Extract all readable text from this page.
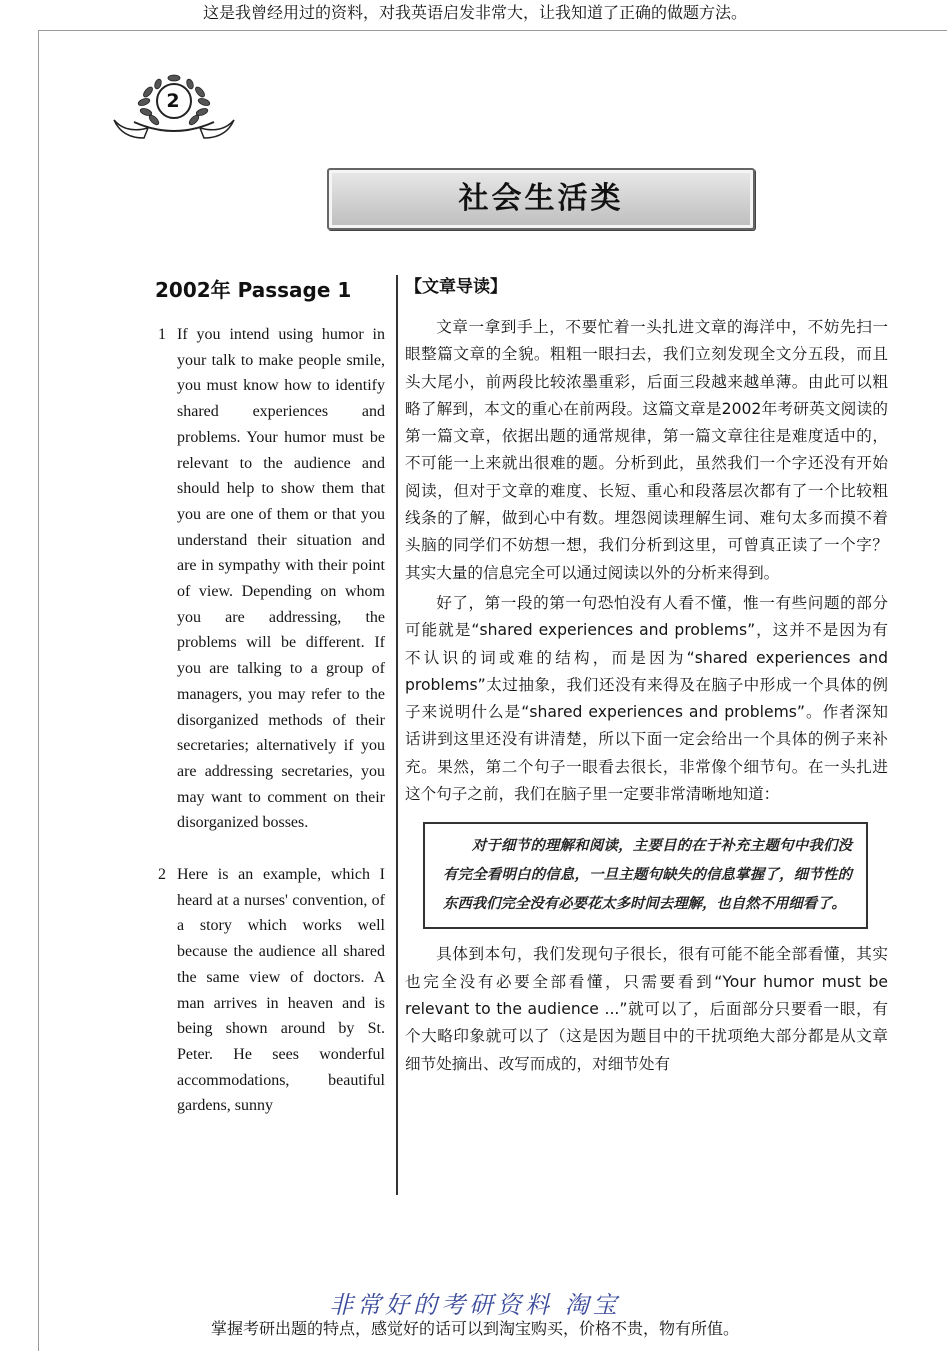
这是我曾经用过的资料，对我英语启发非常大，让我知道了正确的做题方法。
2
社会生活类
2002年 Passage 1
1 If you intend using humor in your talk to make people smile, you must know how to identify shared experiences and problems. Your humor must be relevant to the audience and should help to show them that you are one of them or that you understand their situation and are in sympathy with their point of view. Depending on whom you are addressing, the problems will be different. If you are talking to a group of managers, you may refer to the disorganized methods of their secretaries; alternatively if you are addressing secretaries, you may want to comment on their disorganized bosses.
2 Here is an example, which I heard at a nurses' convention, of a story which works well because the audience all shared the same view of doctors. A man arrives in heaven and is being shown around by St. Peter. He sees wonderful accommodations, beautiful gardens, sunny
【文章导读】

文章一拿到手上，不要忙着一头扎进文章的海洋中，不妨先扫一眼整篇文章的全貌。粗粗一眼扫去，我们立刻发现全文分五段，而且头大尾小，前两段比较浓墨重彩，后面三段越来越单薄。由此可以粗略了解到，本文的重心在前两段。这篇文章是2002年考研英文阅读的第一篇文章，依据出题的通常规律，第一篇文章往往是难度适中的，不可能一上来就出很难的题。分析到此，虽然我们一个字还没有开始阅读，但对于文章的难度、长短、重心和段落层次都有了一个比较粗线条的了解，做到心中有数。埋怨阅读理解生词、难句太多而摸不着头脑的同学们不妨想一想，我们分析到这里，可曾真正读了一个字？其实大量的信息完全可以通过阅读以外的分析来得到。

好了，第一段的第一句恐怕没有人看不懂，惟一有些问题的部分可能就是“shared experiences and problems”，这并不是因为有不认识的词或难的结构，而是因为“shared experiences and problems”太过抽象，我们还没有来得及在脑子中形成一个具体的例子来说明什么是“shared experiences and problems”。作者深知话讲到这里还没有讲清楚，所以下面一定会给出一个具体的例子来补充。果然，第二个句子一眼看去很长，非常像个细节句。在一头扎进这个句子之前，我们在脑子里一定要非常清晰地知道：

对于细节的理解和阅读，主要目的在于补充主题句中我们没有完全看明白的信息，一旦主题句缺失的信息掌握了，细节性的东西我们完全没有必要花太多时间去理解，也自然不用细看了。

具体到本句，我们发现句子很长，很有可能不能全部看懂，其实也完全没有必要全部看懂，只需要看到“Your humor must be relevant to the audience ...”就可以了，后面部分只要看一眼，有个大略印象就可以了（这是因为题目中的干扰项绝大部分都是从文章细节处摘出、改写而成的，对细节处有

非常好的考研资料 淘宝
掌握考研出题的特点，感觉好的话可以到淘宝购买，价格不贵，物有所值。
